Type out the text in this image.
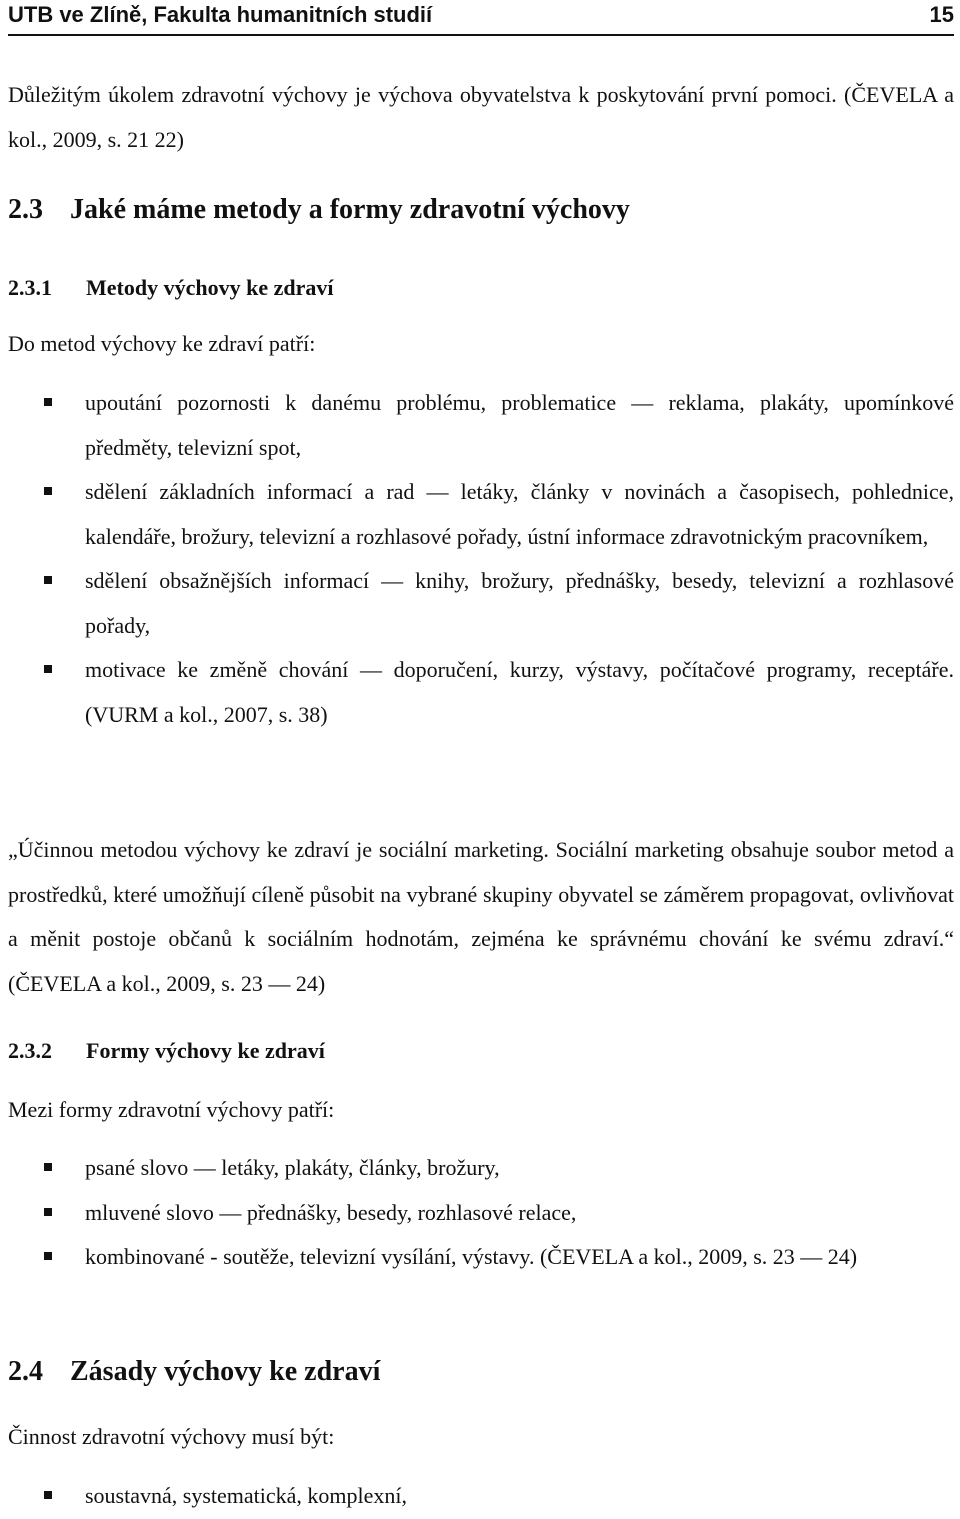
UTB ve Zlíně, Fakulta humanitních studií	15
Důležitým úkolem zdravotní výchovy je výchova obyvatelstva k poskytování první pomoci. (ČEVELA a kol., 2009, s. 21 22)
2.3 Jaké máme metody a formy zdravotní výchovy
2.3.1 Metody výchovy ke zdraví
Do metod výchovy ke zdraví patří:
upoutání pozornosti k danému problému, problematice — reklama, plakáty, upomínkové předměty, televizní spot,
sdělení základních informací a rad — letáky, články v novinách a časopisech, pohlednice, kalendáře, brožury, televizní a rozhlasové pořady, ústní informace zdravotnickým pracovníkem,
sdělení obsažnějších informací — knihy, brožury, přednášky, besedy, televizní a rozhlasové pořady,
motivace ke změně chování — doporučení, kurzy, výstavy, počítačové programy, receptáře. (VURM a kol., 2007, s. 38)
„Účinnou metodou výchovy ke zdraví je sociální marketing. Sociální marketing obsahuje soubor metod a prostředků, které umožňují cíleně působit na vybrané skupiny obyvatel se záměrem propagovat, ovlivňovat a měnit postoje občanů k sociálním hodnotám, zejména ke správnému chování ke svému zdraví.“ (ČEVELA a kol., 2009, s. 23 — 24)
2.3.2 Formy výchovy ke zdraví
Mezi formy zdravotní výchovy patří:
psané slovo — letáky, plakáty, články, brožury,
mluvené slovo — přednášky, besedy, rozhlasové relace,
kombinované - soutěže, televizní vysílání, výstavy. (ČEVELA a kol., 2009, s. 23 — 24)
2.4 Zásady výchovy ke zdraví
Činnost zdravotní výchovy musí být:
soustavná, systematická, komplexní,
